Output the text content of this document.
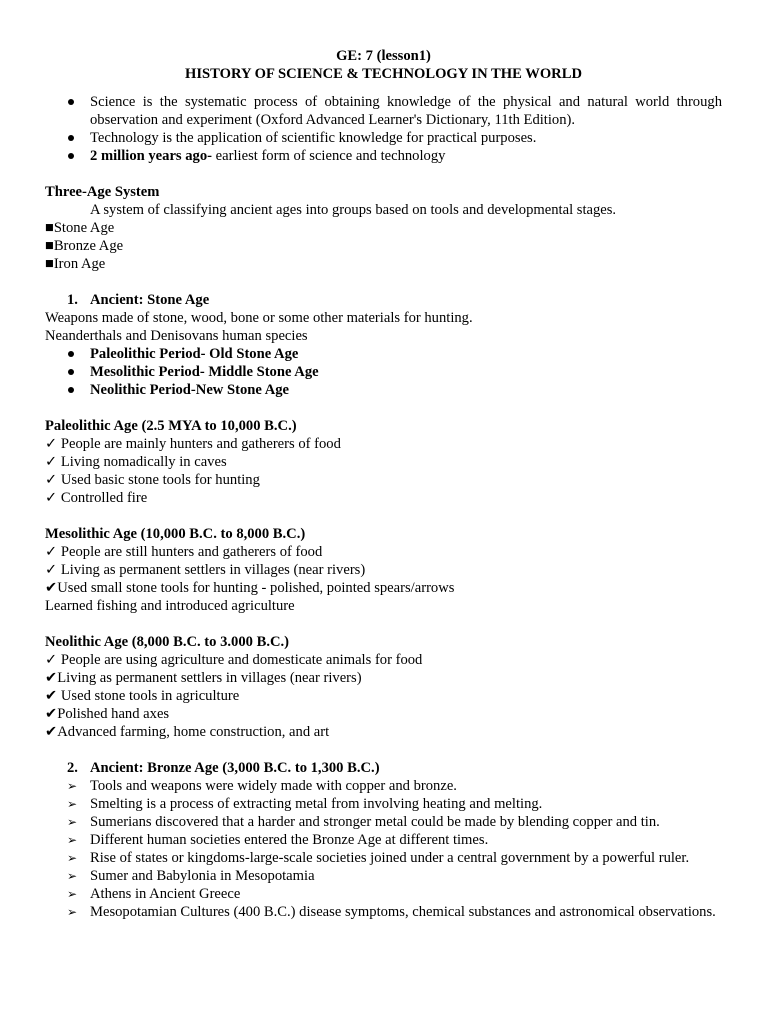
GE: 7 (lesson1)
HISTORY OF SCIENCE & TECHNOLOGY IN THE WORLD
Science is the systematic process of obtaining knowledge of the physical and natural world through observation and experiment (Oxford Advanced Learner's Dictionary, 11th Edition).
Technology is the application of scientific knowledge for practical purposes.
2 million years ago- earliest form of science and technology
Three-Age System
A system of classifying ancient ages into groups based on tools and developmental stages.
■Stone Age
■Bronze Age
■Iron Age
1. Ancient: Stone Age
Weapons made of stone, wood, bone or some other materials for hunting.
Neanderthals and Denisovans human species
Paleolithic Period- Old Stone Age
Mesolithic Period- Middle Stone Age
Neolithic Period-New Stone Age
Paleolithic Age (2.5 MYA to 10,000 B.C.)
✓ People are mainly hunters and gatherers of food
✓ Living nomadically in caves
✓ Used basic stone tools for hunting
✓ Controlled fire
Mesolithic Age (10,000 B.C. to 8,000 B.C.)
✓ People are still hunters and gatherers of food
✓ Living as permanent settlers in villages (near rivers)
✔Used small stone tools for hunting - polished, pointed spears/arrows
Learned fishing and introduced agriculture
Neolithic Age (8,000 B.C. to 3.000 B.C.)
✓ People are using agriculture and domesticate animals for food
✔Living as permanent settlers in villages (near rivers)
✔ Used stone tools in agriculture
✔Polished hand axes
✔Advanced farming, home construction, and art
2. Ancient: Bronze Age (3,000 B.C. to 1,300 B.C.)
➢ Tools and weapons were widely made with copper and bronze.
➢ Smelting is a process of extracting metal from involving heating and melting.
➢ Sumerians discovered that a harder and stronger metal could be made by blending copper and tin.
➢ Different human societies entered the Bronze Age at different times.
➢ Rise of states or kingdoms-large-scale societies joined under a central government by a powerful ruler.
➢ Sumer and Babylonia in Mesopotamia
➢ Athens in Ancient Greece
➢ Mesopotamian Cultures (400 B.C.) disease symptoms, chemical substances and astronomical observations.
